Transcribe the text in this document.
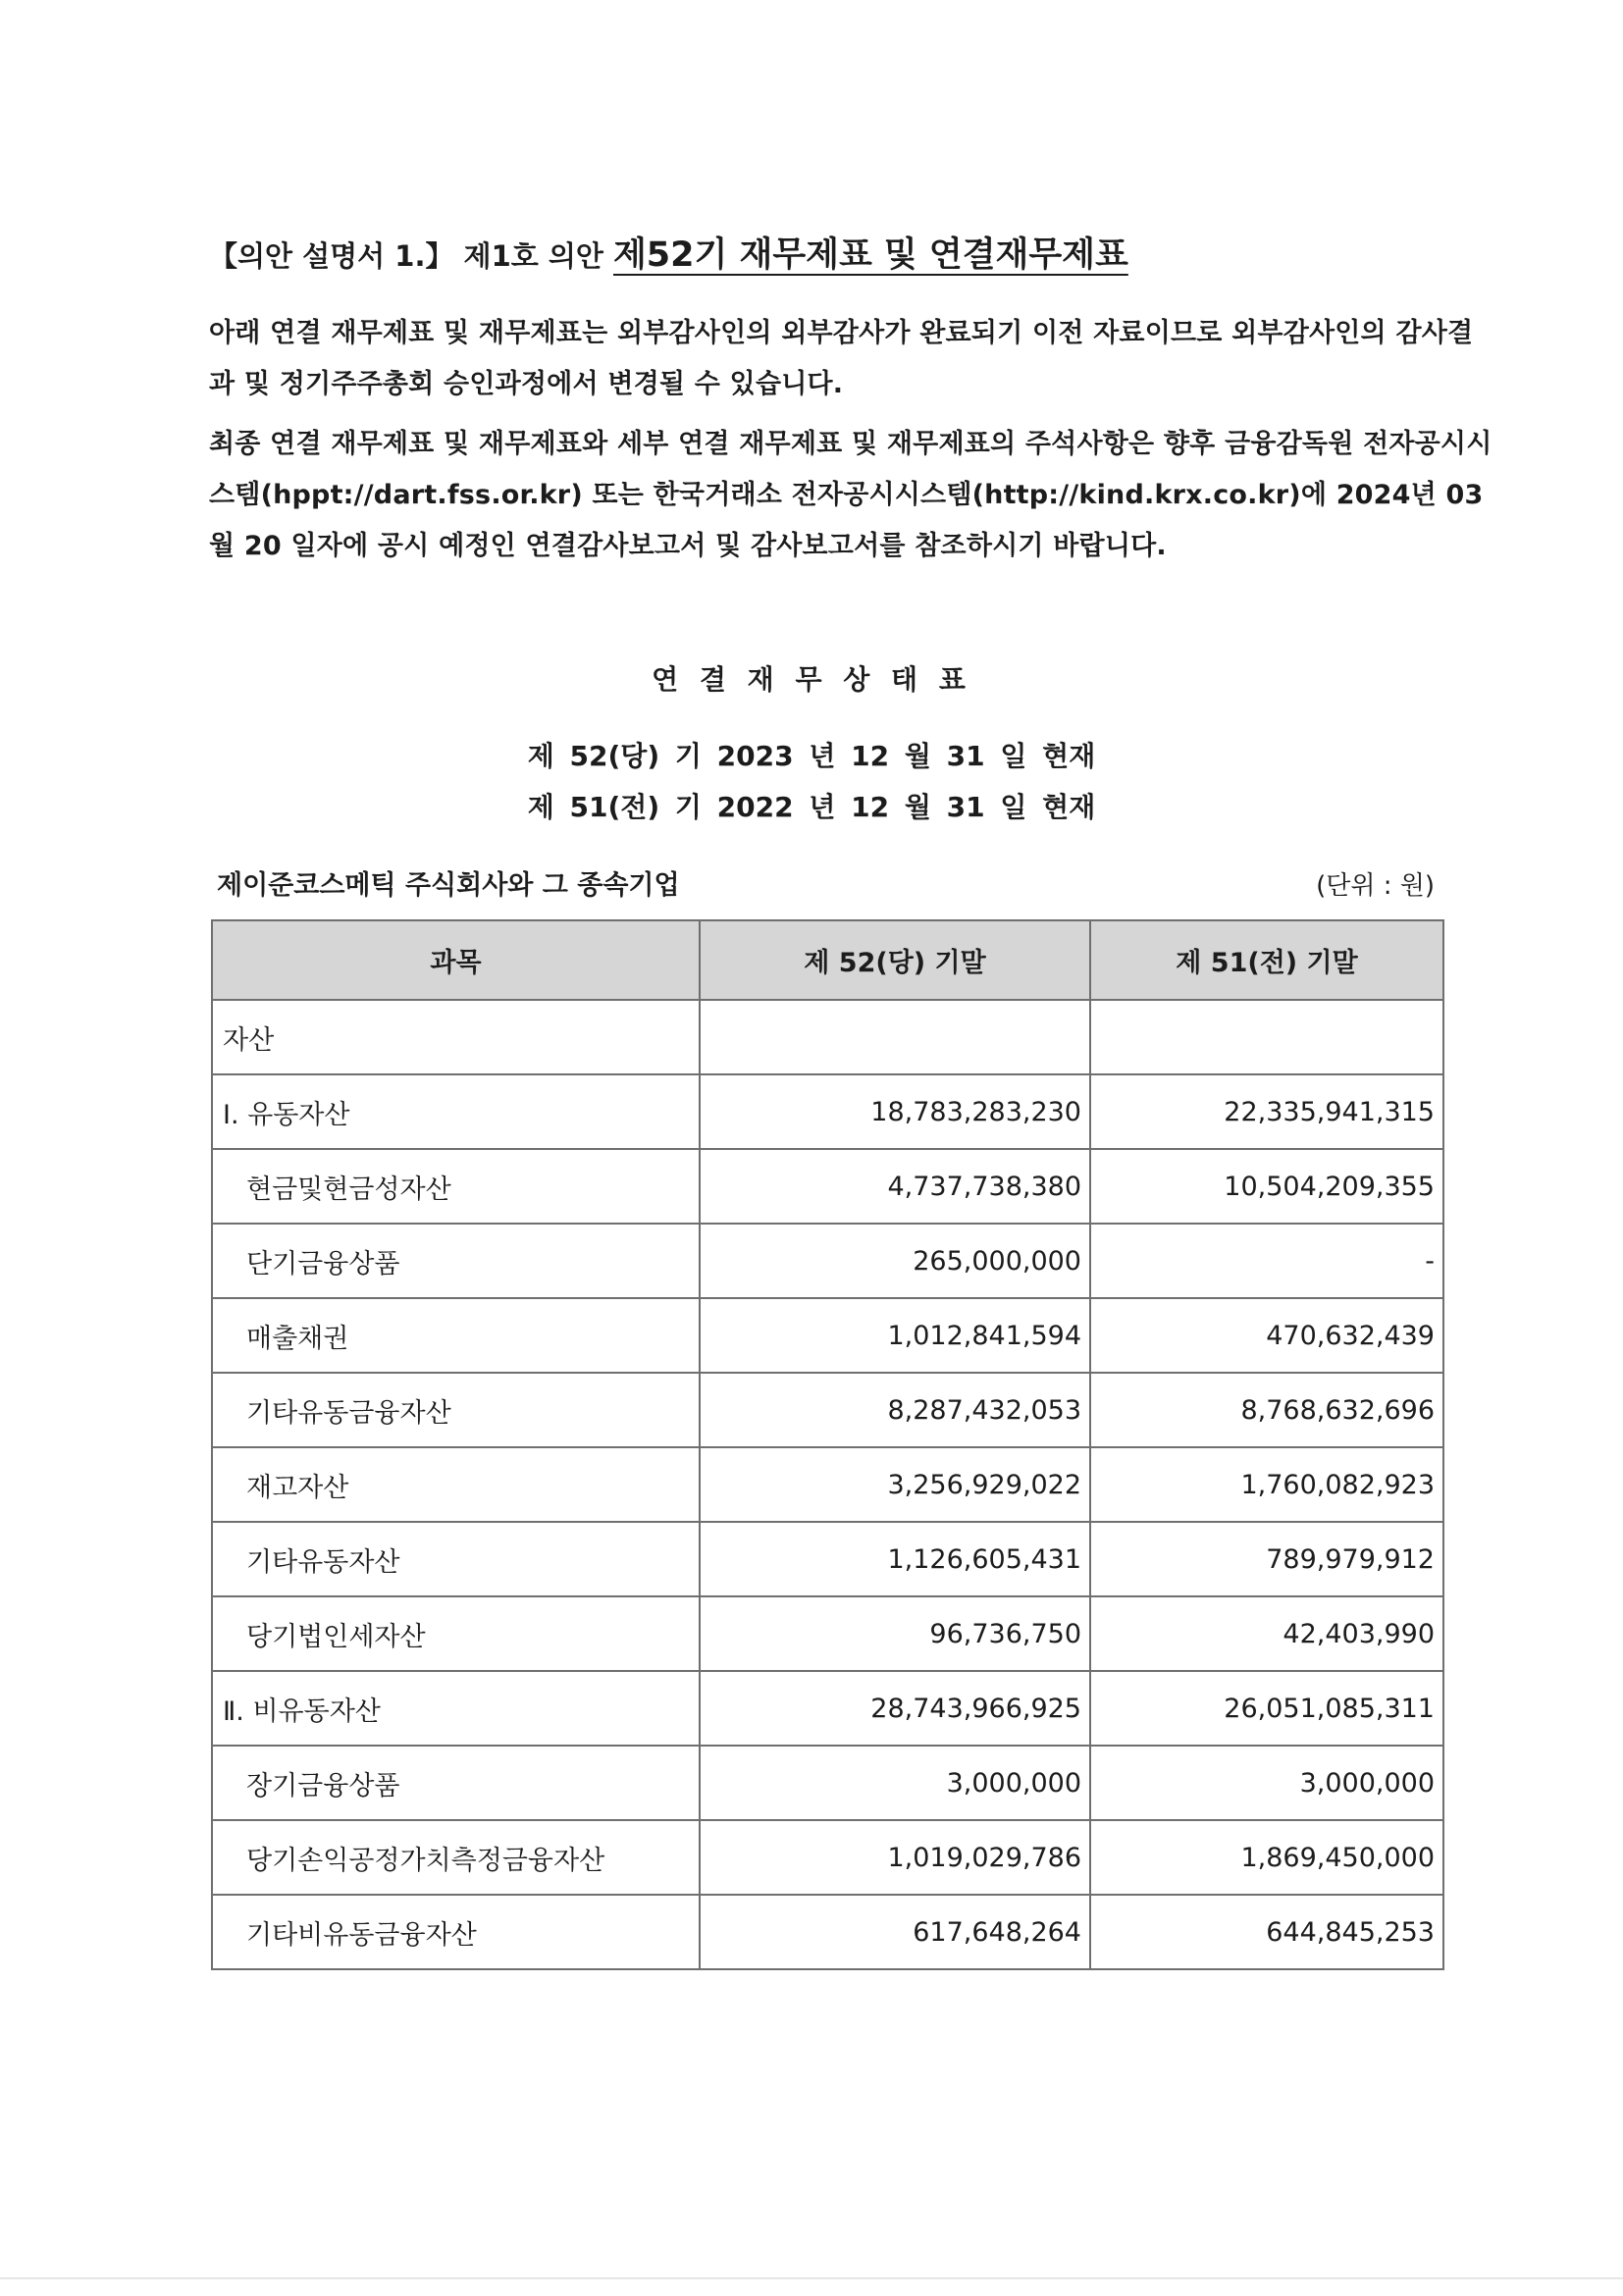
【의안 설명서 1.】 제1호 의안 제52기 재무제표 및 연결재무제표
아래 연결 재무제표 및 재무제표는 외부감사인의 외부감사가 완료되기 이전 자료이므로 외부감사인의 감사결과 및 정기주주총회 승인과정에서 변경될 수 있습니다.
최종 연결 재무제표 및 재무제표와 세부 연결 재무제표 및 재무제표의 주석사항은 향후 금융감독원 전자공시시스템(hppt://dart.fss.or.kr) 또는 한국거래소 전자공시시스템(http://kind.krx.co.kr)에 2024년 03 월 20 일자에 공시 예정인 연결감사보고서 및 감사보고서를 참조하시기 바랍니다.
연 결 재 무 상 태 표
제 52(당) 기 2023 년 12 월 31 일 현재
제 51(전) 기 2022 년 12 월 31 일 현재
제이준코스메틱 주식회사와 그 종속기업	(단위 : 원)
과목	제 52(당) 기말	제 51(전) 기말
자산		
Ⅰ. 유동자산	18,783,283,230	22,335,941,315
현금및현금성자산	4,737,738,380	10,504,209,355
단기금융상품	265,000,000	-
매출채권	1,012,841,594	470,632,439
기타유동금융자산	8,287,432,053	8,768,632,696
재고자산	3,256,929,022	1,760,082,923
기타유동자산	1,126,605,431	789,979,912
당기법인세자산	96,736,750	42,403,990
Ⅱ. 비유동자산	28,743,966,925	26,051,085,311
장기금융상품	3,000,000	3,000,000
당기손익공정가치측정금융자산	1,019,029,786	1,869,450,000
기타비유동금융자산	617,648,264	644,845,253
